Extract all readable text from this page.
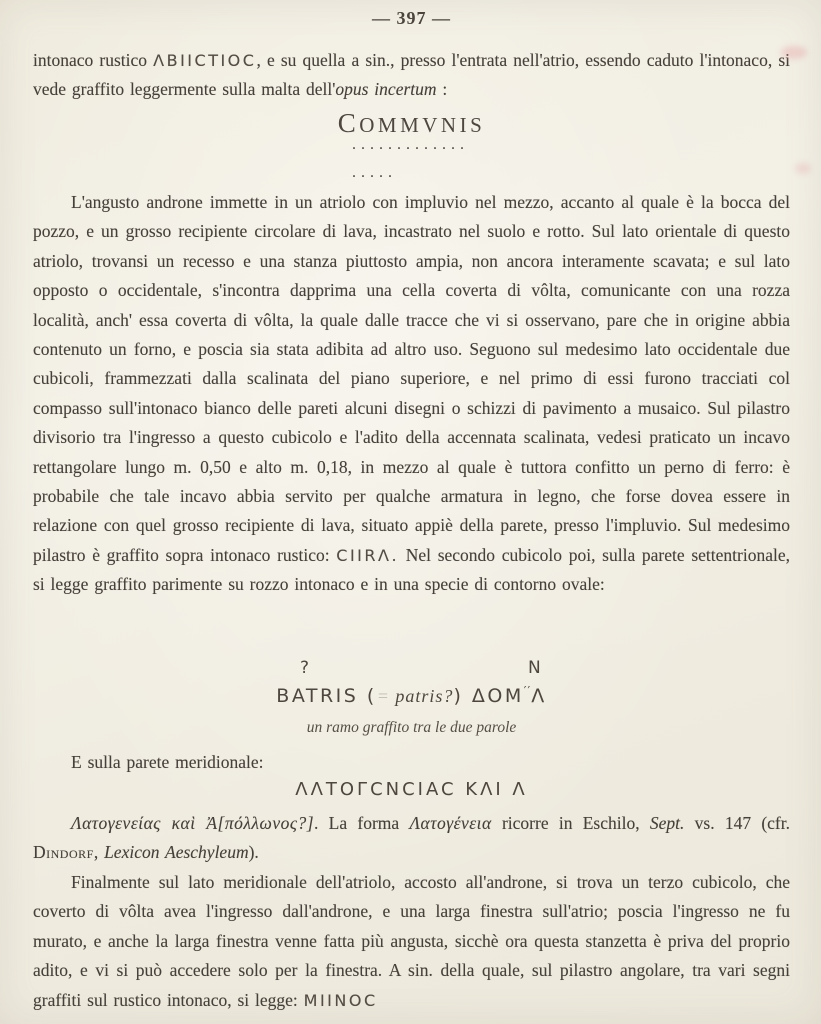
— 397 —

intonaco rustico ΛBIICTIOC, e su quella a sin., presso l'entrata nell'atrio, essendo caduto l'intonaco, si vede graffito leggermente sulla malta dell'opus incertum :

COMMVNIS
.............
.....

L'angusto androne immette in un atriolo con impluvio nel mezzo, accanto al quale è la bocca del pozzo, e un grosso recipiente circolare di lava, incastrato nel suolo e rotto. Sul lato orientale di questo atriolo, trovansi un recesso e una stanza piuttosto ampia, non ancora interamente scavata; e sul lato opposto o occidentale, s'incontra dapprima una cella coverta di vôlta, comunicante con una rozza località, anch' essa coverta di vôlta, la quale dalle tracce che vi si osservano, pare che in origine abbia contenuto un forno, e poscia sia stata adibita ad altro uso. Seguono sul medesimo lato occidentale due cubicoli, frammezzati dalla scalinata del piano superiore, e nel primo di essi furono tracciati col compasso sull'intonaco bianco delle pareti alcuni disegni o schizzi di pavimento a musaico. Sul pilastro divisorio tra l'ingresso a questo cubicolo e l'adito della accennata scalinata, vedesi praticato un incavo rettangolare lungo m. 0,50 e alto m. 0,18, in mezzo al quale è tuttora confitto un perno di ferro: è probabile che tale incavo abbia servito per qualche armatura in legno, che forse dovea essere in relazione con quel grosso recipiente di lava, situato appiè della parete, presso l'impluvio. Sul medesimo pilastro è graffito sopra intonaco rustico: CIIRΛ. Nel secondo cubicolo poi, sulla parete settentrionale, si legge graffito parimente su rozzo intonaco e in una specie di contorno ovale:

?	N
BATRIS (= patris?) ΔOM′′Λ
un ramo graffito tra le due parole

E sulla parete meridionale:

ΛΛTOΓCNCIAC KΛI Λ

Λατογενείας καὶ Ἀ[πόλλωνος?]. La forma Λατογένεια ricorre in Eschilo, Sept. vs. 147 (cfr. Dindorf, Lexicon Aeschyleum).

Finalmente sul lato meridionale dell'atriolo, accosto all'androne, si trova un terzo cubicolo, che coverto di vôlta avea l'ingresso dall'androne, e una larga finestra sull'atrio; poscia l'ingresso ne fu murato, e anche la larga finestra venne fatta più angusta, sicchè ora questa stanzetta è priva del proprio adito, e vi si può accedere solo per la finestra. A sin. della quale, sul pilastro angolare, tra vari segni graffiti sul rustico intonaco, si legge: MIINOC
